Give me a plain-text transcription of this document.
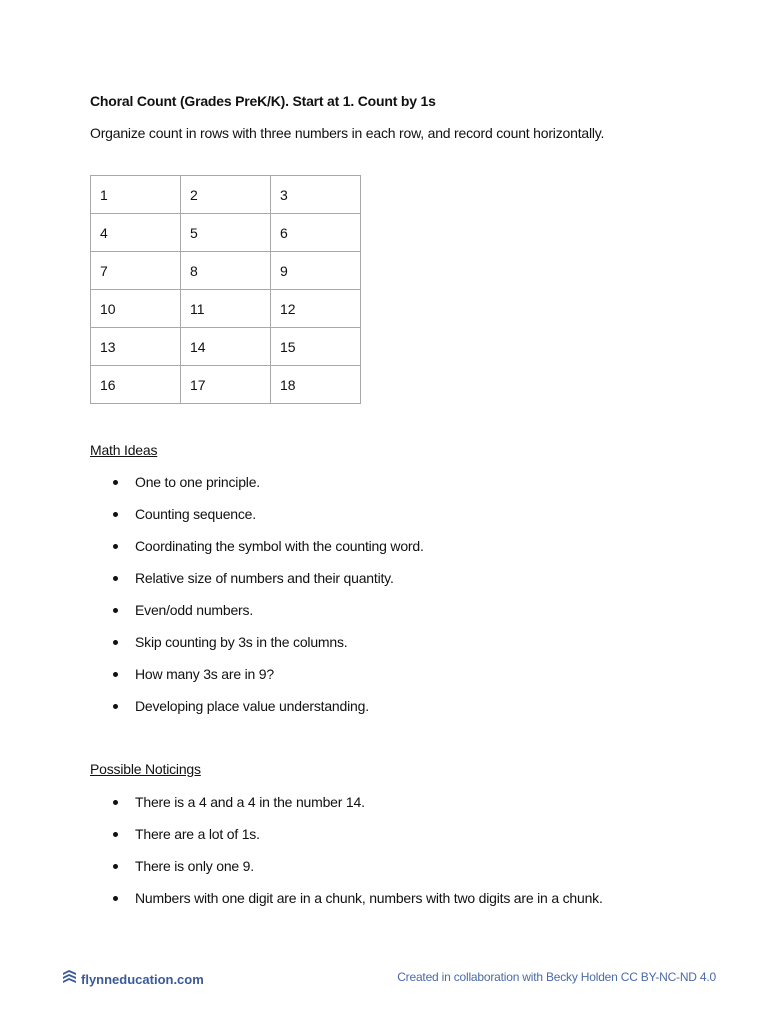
Choral Count (Grades PreK/K). Start at 1. Count by 1s
Organize count in rows with three numbers in each row, and record count horizontally.
1	2	3
4	5	6
7	8	9
10	11	12
13	14	15
16	17	18
Math Ideas
One to one principle.
Counting sequence.
Coordinating the symbol with the counting word.
Relative size of numbers and their quantity.
Even/odd numbers.
Skip counting by 3s in the columns.
How many 3s are in 9?
Developing place value understanding.
Possible Noticings
There is a 4 and a 4 in the number 14.
There are a lot of 1s.
There is only one 9.
Numbers with one digit are in a chunk, numbers with two digits are in a chunk.
flynneducation.com	Created in collaboration with Becky Holden CC BY-NC-ND 4.0
